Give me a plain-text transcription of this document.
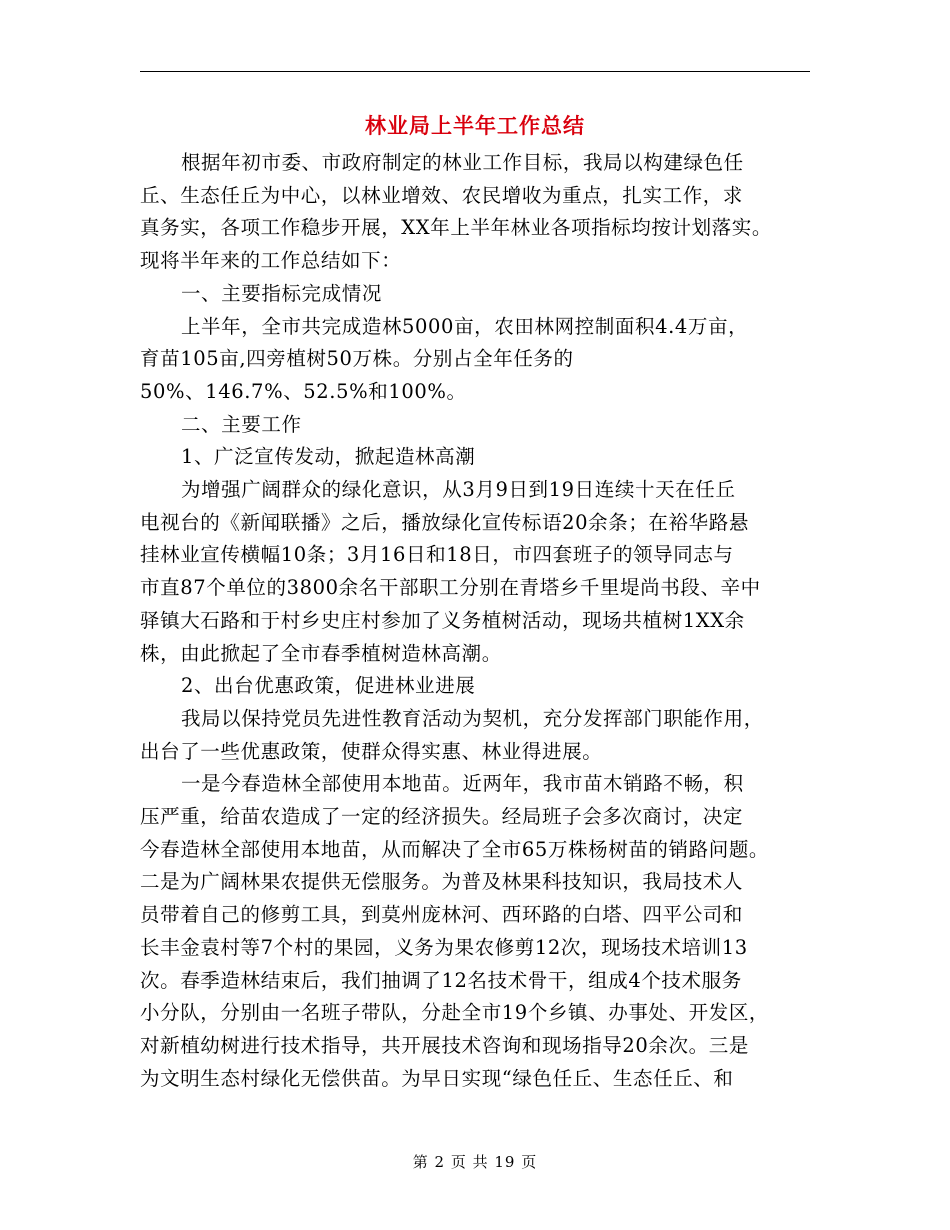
林业局上半年工作总结

根据年初市委、市政府制定的林业工作目标，我局以构建绿色任

丘、生态任丘为中心，以林业增效、农民增收为重点，扎实工作，求

真务实，各项工作稳步开展，XX年上半年林业各项指标均按计划落实。

现将半年来的工作总结如下：

一、主要指标完成情况

上半年，全市共完成造林5000亩，农田林网控制面积4.4万亩，

育苗105亩,四旁植树50万株。分别占全年任务的

50%、146.7%、52.5%和100%。

二、主要工作

1、广泛宣传发动，掀起造林高潮

为增强广阔群众的绿化意识，从3月9日到19日连续十天在任丘

电视台的《新闻联播》之后，播放绿化宣传标语20余条；在裕华路悬

挂林业宣传横幅10条；3月16日和18日，市四套班子的领导同志与

市直87个单位的3800余名干部职工分别在青塔乡千里堤尚书段、辛中

驿镇大石路和于村乡史庄村参加了义务植树活动，现场共植树1XX余

株，由此掀起了全市春季植树造林高潮。

2、出台优惠政策，促进林业进展

我局以保持党员先进性教育活动为契机，充分发挥部门职能作用，

出台了一些优惠政策，使群众得实惠、林业得进展。

一是今春造林全部使用本地苗。近两年，我市苗木销路不畅，积

压严重，给苗农造成了一定的经济损失。经局班子会多次商讨，决定

今春造林全部使用本地苗，从而解决了全市65万株杨树苗的销路问题。

二是为广阔林果农提供无偿服务。为普及林果科技知识，我局技术人

员带着自己的修剪工具，到莫州庞林河、西环路的白塔、四平公司和

长丰金袁村等7个村的果园，义务为果农修剪12次，现场技术培训13

次。春季造林结束后，我们抽调了12名技术骨干，组成4个技术服务

小分队，分别由一名班子带队，分赴全市19个乡镇、办事处、开发区，

对新植幼树进行技术指导，共开展技术咨询和现场指导20余次。三是

为文明生态村绿化无偿供苗。为早日实现“绿色任丘、生态任丘、和

第 2 页 共 19 页
